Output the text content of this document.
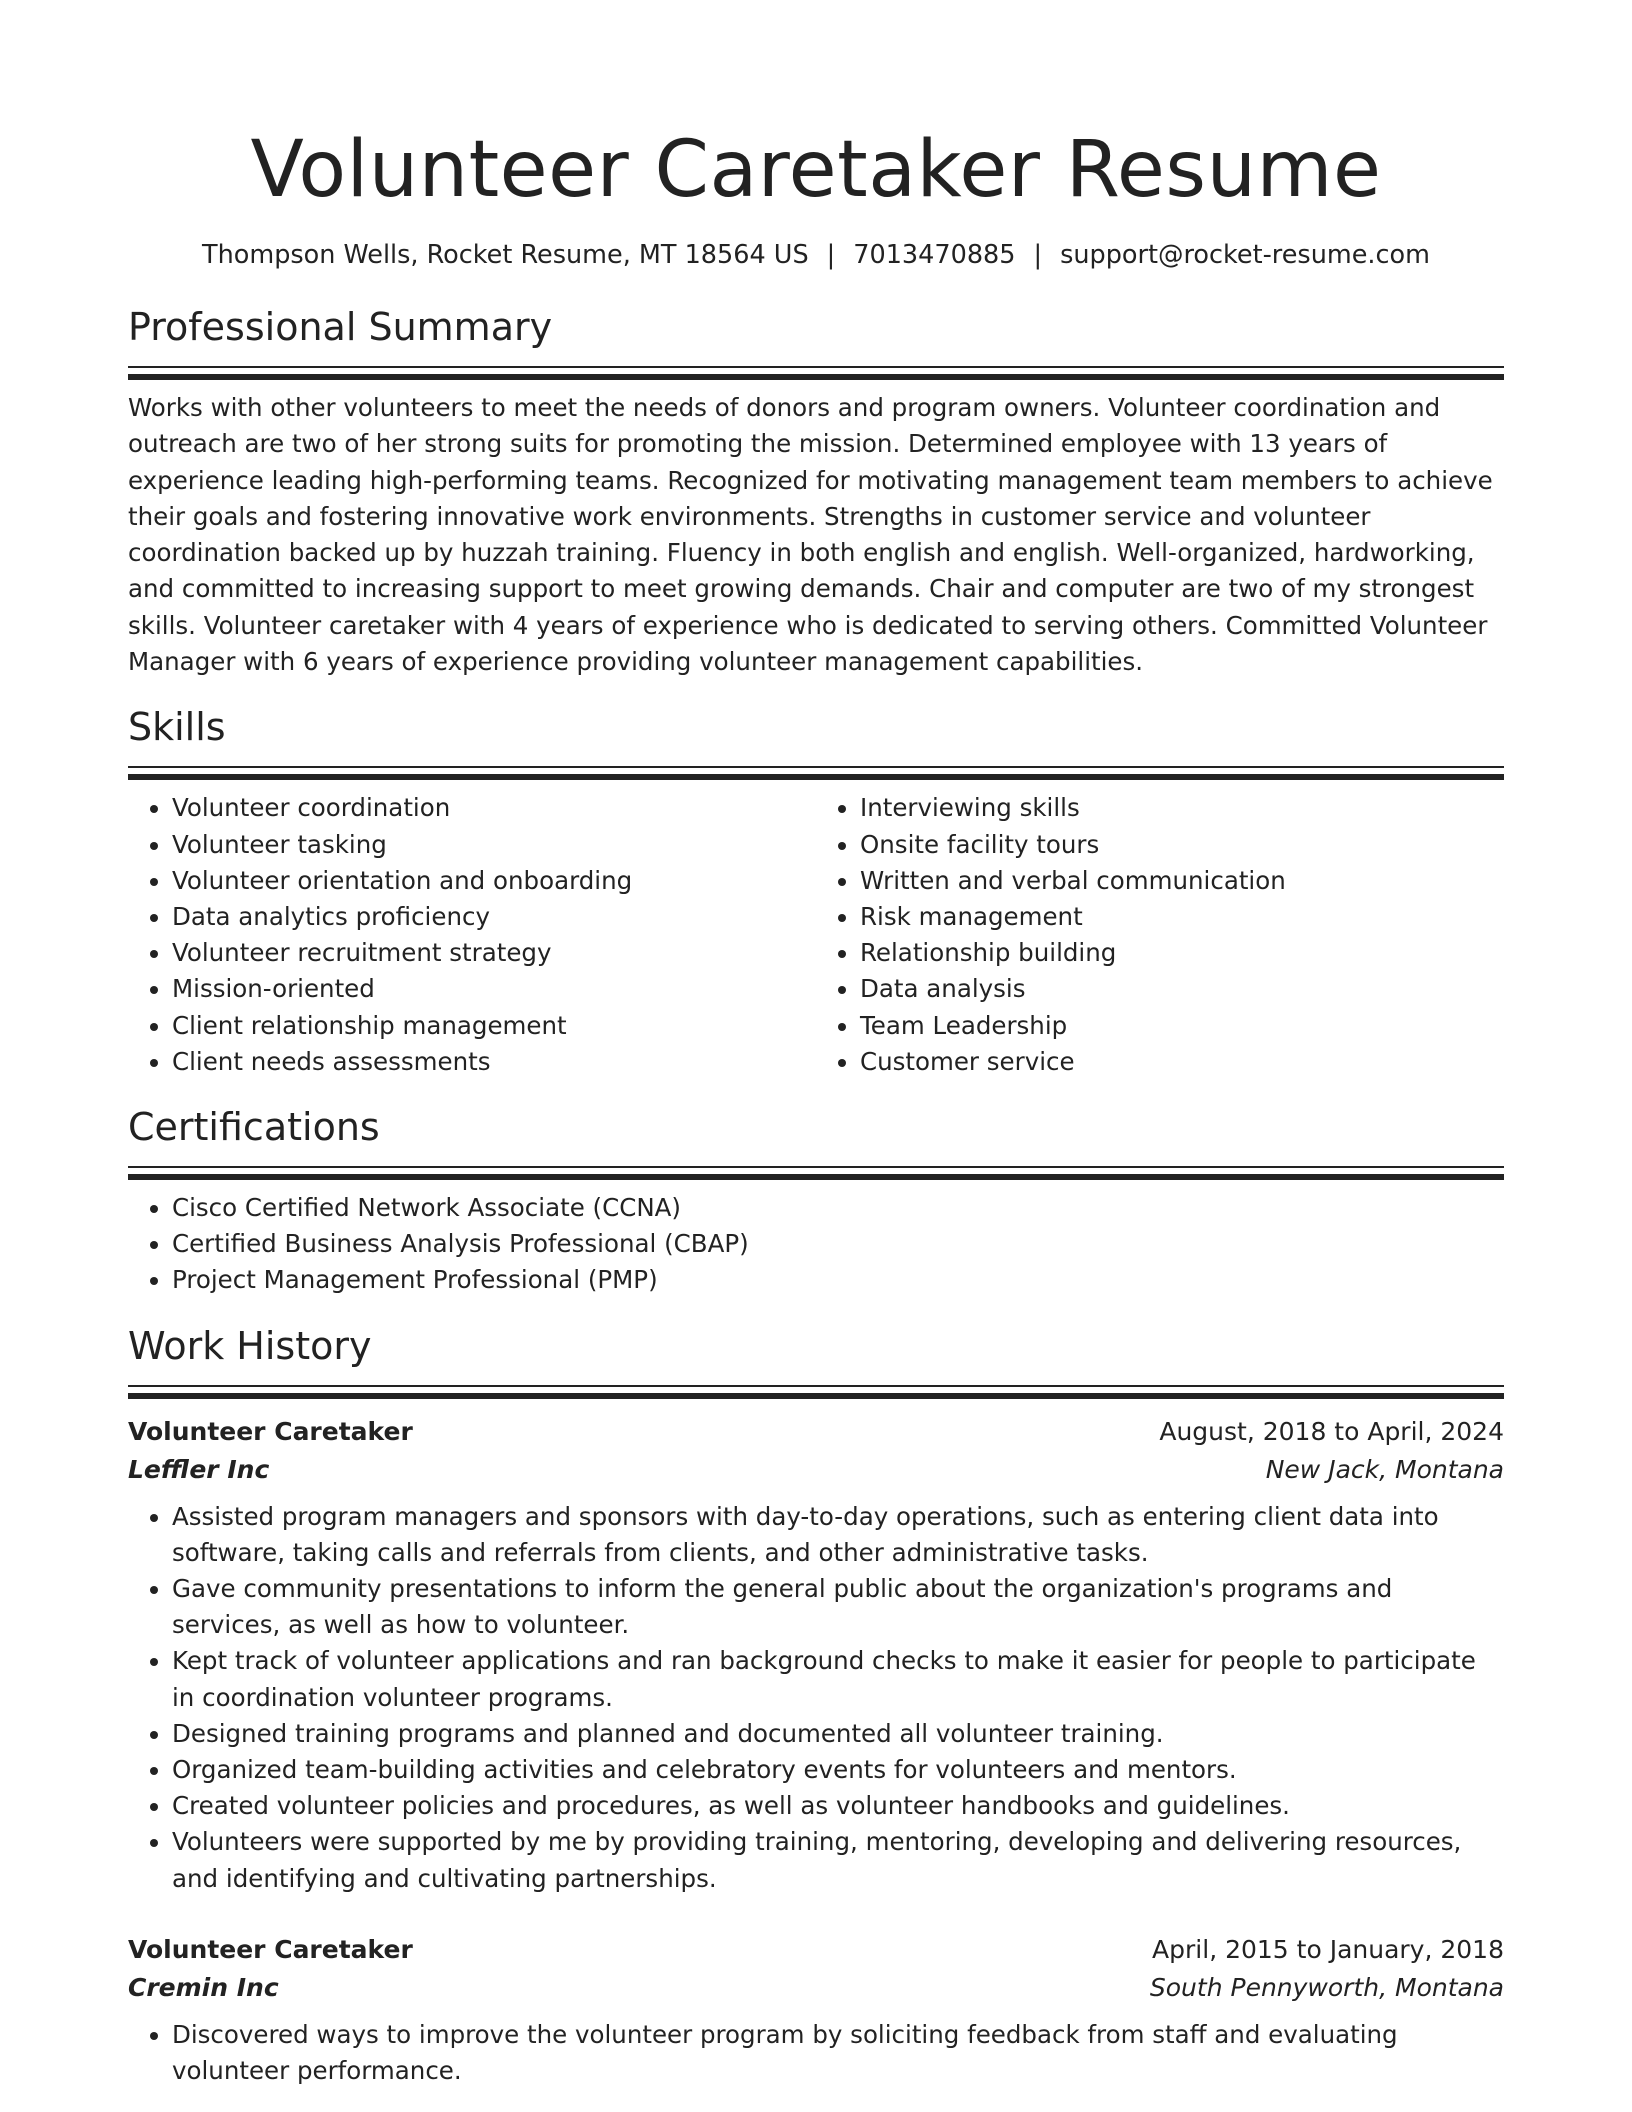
Volunteer Caretaker Resume
Thompson Wells, Rocket Resume, MT 18564 US | 7013470885 | support@rocket-resume.com
Professional Summary

Works with other volunteers to meet the needs of donors and program owners. Volunteer coordination and outreach are two of her strong suits for promoting the mission. Determined employee with 13 years of experience leading high-performing teams. Recognized for motivating management team members to achieve their goals and fostering innovative work environments. Strengths in customer service and volunteer coordination backed up by huzzah training. Fluency in both english and english. Well-organized, hardworking, and committed to increasing support to meet growing demands. Chair and computer are two of my strongest skills. Volunteer caretaker with 4 years of experience who is dedicated to serving others. Committed Volunteer Manager with 6 years of experience providing volunteer management capabilities.

Skills
• Volunteer coordination
• Volunteer tasking
• Volunteer orientation and onboarding
• Data analytics proficiency
• Volunteer recruitment strategy
• Mission-oriented
• Client relationship management
• Client needs assessments
• Interviewing skills
• Onsite facility tours
• Written and verbal communication
• Risk management
• Relationship building
• Data analysis
• Team Leadership
• Customer service
Certifications
• Cisco Certified Network Associate (CCNA)
• Certified Business Analysis Professional (CBAP)
• Project Management Professional (PMP)
Work History
Volunteer Caretaker	August, 2018 to April, 2024
Leffler Inc	New Jack, Montana
• Assisted program managers and sponsors with day-to-day operations, such as entering client data into software, taking calls and referrals from clients, and other administrative tasks.
• Gave community presentations to inform the general public about the organization's programs and services, as well as how to volunteer.
• Kept track of volunteer applications and ran background checks to make it easier for people to participate in coordination volunteer programs.
• Designed training programs and planned and documented all volunteer training.
• Organized team-building activities and celebratory events for volunteers and mentors.
• Created volunteer policies and procedures, as well as volunteer handbooks and guidelines.
• Volunteers were supported by me by providing training, mentoring, developing and delivering resources, and identifying and cultivating partnerships.
Volunteer Caretaker	April, 2015 to January, 2018
Cremin Inc	South Pennyworth, Montana
• Discovered ways to improve the volunteer program by soliciting feedback from staff and evaluating volunteer performance.
